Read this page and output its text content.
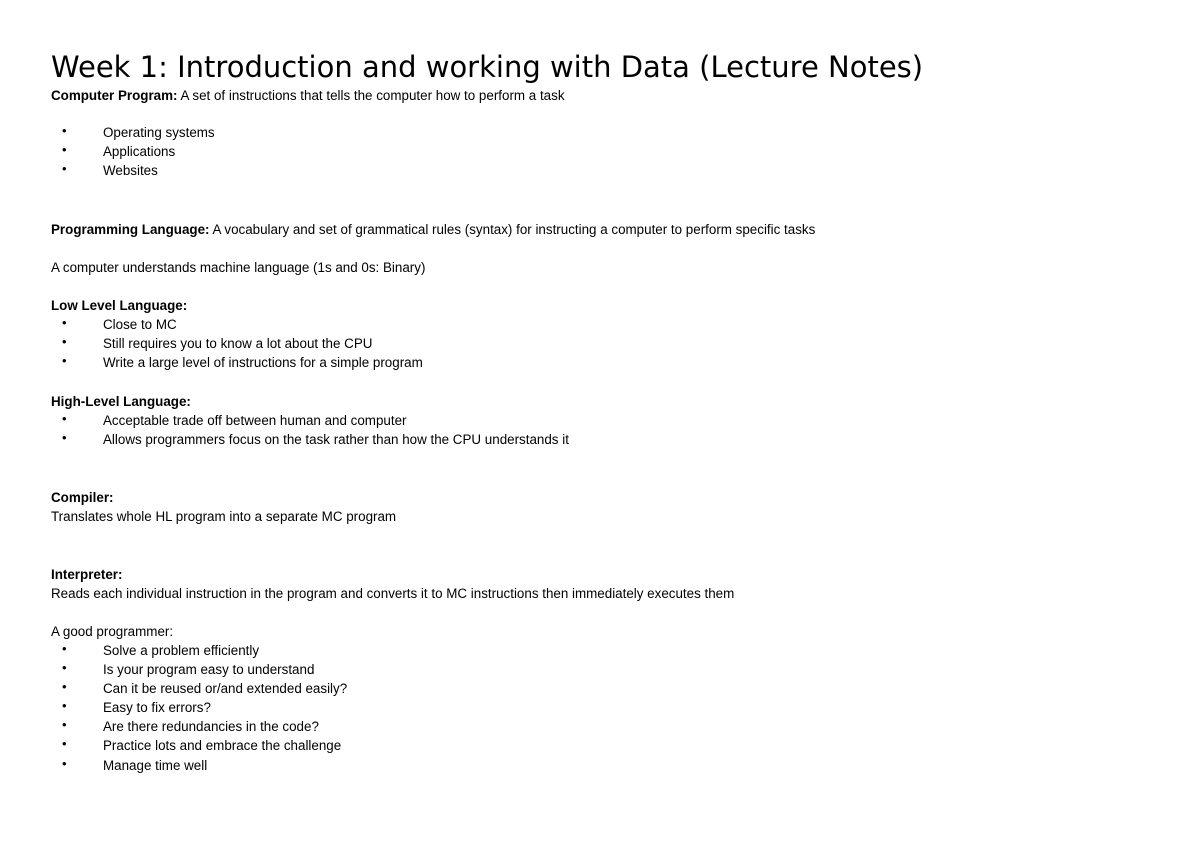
Week 1: Introduction and working with Data (Lecture Notes)
Computer Program: A set of instructions that tells the computer how to perform a task
•	Operating systems
•	Applications
•	Websites
Programming Language: A vocabulary and set of grammatical rules (syntax) for instructing a computer to perform specific tasks
A computer understands machine language (1s and 0s: Binary)
Low Level Language:
•	Close to MC
•	Still requires you to know a lot about the CPU
•	Write a large level of instructions for a simple program
High-Level Language:
•	Acceptable trade off between human and computer
•	Allows programmers focus on the task rather than how the CPU understands it
Compiler:
Translates whole HL program into a separate MC program
Interpreter:
Reads each individual instruction in the program and converts it to MC instructions then immediately executes them
A good programmer:
•	Solve a problem efficiently
•	Is your program easy to understand
•	Can it be reused or/and extended easily?
•	Easy to fix errors?
•	Are there redundancies in the code?
•	Practice lots and embrace the challenge
•	Manage time well
